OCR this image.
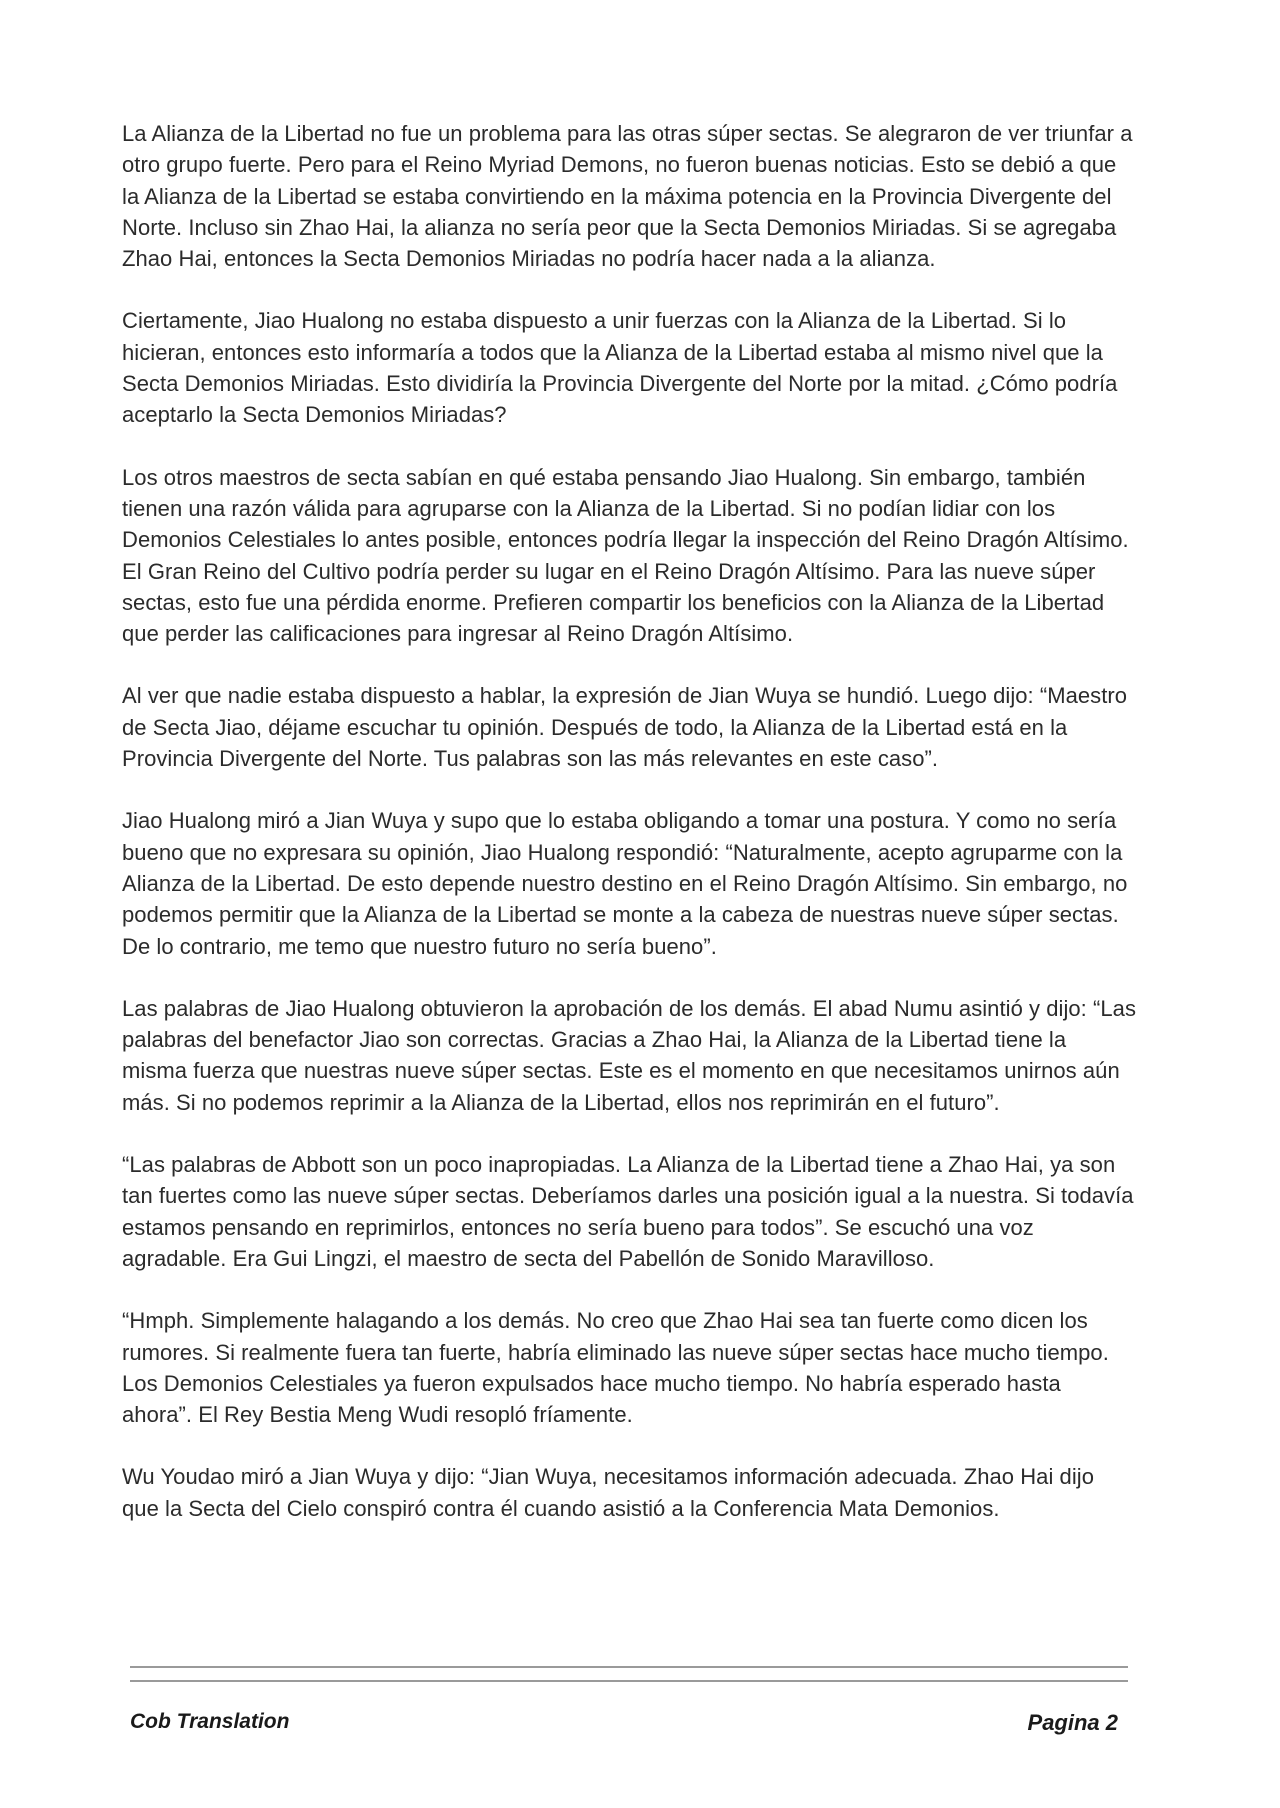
La Alianza de la Libertad no fue un problema para las otras súper sectas. Se alegraron de ver triunfar a otro grupo fuerte. Pero para el Reino Myriad Demons, no fueron buenas noticias. Esto se debió a que la Alianza de la Libertad se estaba convirtiendo en la máxima potencia en la Provincia Divergente del Norte. Incluso sin Zhao Hai, la alianza no sería peor que la Secta Demonios Miriadas. Si se agregaba Zhao Hai, entonces la Secta Demonios Miriadas no podría hacer nada a la alianza.

Ciertamente, Jiao Hualong no estaba dispuesto a unir fuerzas con la Alianza de la Libertad. Si lo hicieran, entonces esto informaría a todos que la Alianza de la Libertad estaba al mismo nivel que la Secta Demonios Miriadas. Esto dividiría la Provincia Divergente del Norte por la mitad. ¿Cómo podría aceptarlo la Secta Demonios Miriadas?

Los otros maestros de secta sabían en qué estaba pensando Jiao Hualong. Sin embargo, también tienen una razón válida para agruparse con la Alianza de la Libertad. Si no podían lidiar con los Demonios Celestiales lo antes posible, entonces podría llegar la inspección del Reino Dragón Altísimo. El Gran Reino del Cultivo podría perder su lugar en el Reino Dragón Altísimo. Para las nueve súper sectas, esto fue una pérdida enorme. Prefieren compartir los beneficios con la Alianza de la Libertad que perder las calificaciones para ingresar al Reino Dragón Altísimo.

Al ver que nadie estaba dispuesto a hablar, la expresión de Jian Wuya se hundió. Luego dijo: “Maestro de Secta Jiao, déjame escuchar tu opinión. Después de todo, la Alianza de la Libertad está en la Provincia Divergente del Norte. Tus palabras son las más relevantes en este caso”.

Jiao Hualong miró a Jian Wuya y supo que lo estaba obligando a tomar una postura. Y como no sería bueno que no expresara su opinión, Jiao Hualong respondió: “Naturalmente, acepto agruparme con la Alianza de la Libertad. De esto depende nuestro destino en el Reino Dragón Altísimo. Sin embargo, no podemos permitir que la Alianza de la Libertad se monte a la cabeza de nuestras nueve súper sectas. De lo contrario, me temo que nuestro futuro no sería bueno”.

Las palabras de Jiao Hualong obtuvieron la aprobación de los demás. El abad Numu asintió y dijo: “Las palabras del benefactor Jiao son correctas. Gracias a Zhao Hai, la Alianza de la Libertad tiene la misma fuerza que nuestras nueve súper sectas. Este es el momento en que necesitamos unirnos aún más. Si no podemos reprimir a la Alianza de la Libertad, ellos nos reprimirán en el futuro”.

“Las palabras de Abbott son un poco inapropiadas. La Alianza de la Libertad tiene a Zhao Hai, ya son tan fuertes como las nueve súper sectas. Deberíamos darles una posición igual a la nuestra. Si todavía estamos pensando en reprimirlos, entonces no sería bueno para todos”. Se escuchó una voz agradable. Era Gui Lingzi, el maestro de secta del Pabellón de Sonido Maravilloso.

“Hmph. Simplemente halagando a los demás. No creo que Zhao Hai sea tan fuerte como dicen los rumores. Si realmente fuera tan fuerte, habría eliminado las nueve súper sectas hace mucho tiempo. Los Demonios Celestiales ya fueron expulsados hace mucho tiempo. No habría esperado hasta ahora”. El Rey Bestia Meng Wudi resopló fríamente.

Wu Youdao miró a Jian Wuya y dijo: “Jian Wuya, necesitamos información adecuada. Zhao Hai dijo que la Secta del Cielo conspiró contra él cuando asistió a la Conferencia Mata Demonios.

Cob Translation	Pagina 2
